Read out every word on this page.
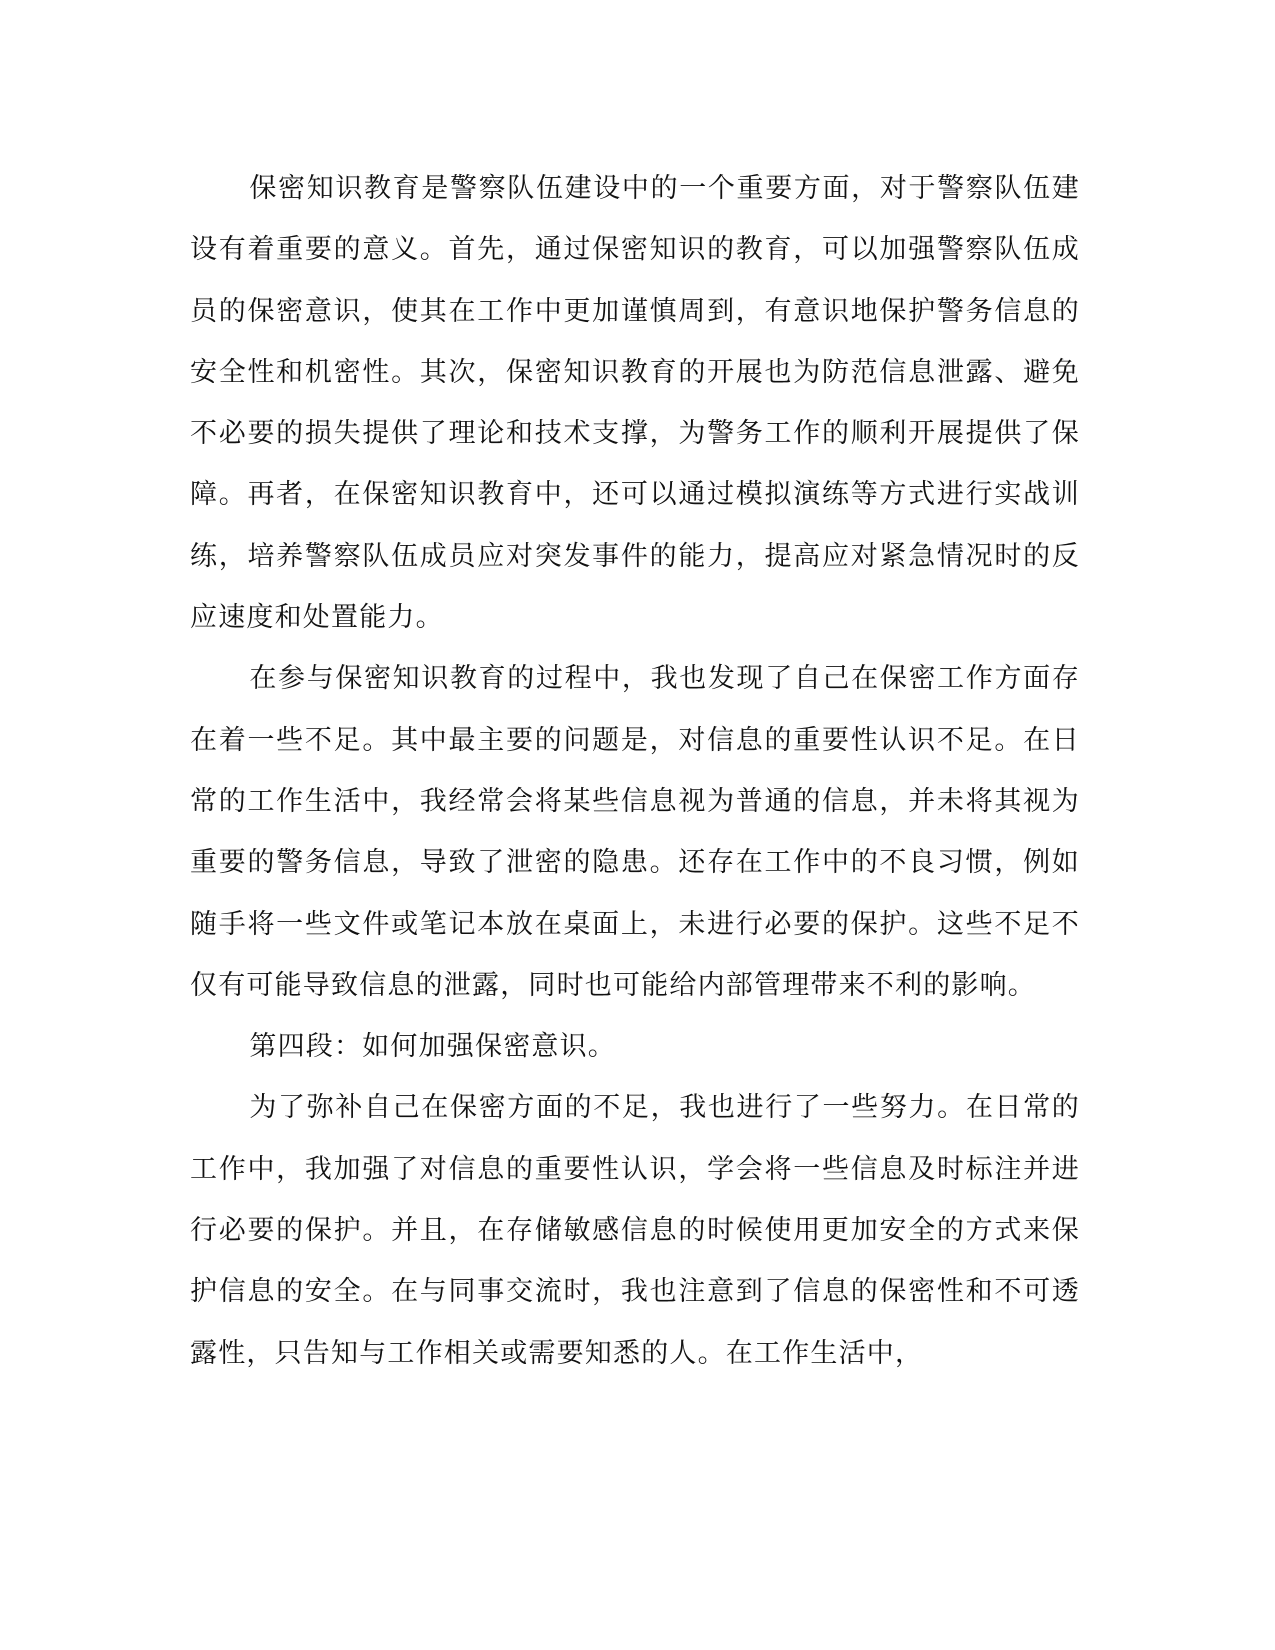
保密知识教育是警察队伍建设中的一个重要方面，对于警察队伍建设有着重要的意义。首先，通过保密知识的教育，可以加强警察队伍成员的保密意识，使其在工作中更加谨慎周到，有意识地保护警务信息的安全性和机密性。其次，保密知识教育的开展也为防范信息泄露、避免不必要的损失提供了理论和技术支撑，为警务工作的顺利开展提供了保障。再者，在保密知识教育中，还可以通过模拟演练等方式进行实战训练，培养警察队伍成员应对突发事件的能力，提高应对紧急情况时的反应速度和处置能力。

在参与保密知识教育的过程中，我也发现了自己在保密工作方面存在着一些不足。其中最主要的问题是，对信息的重要性认识不足。在日常的工作生活中，我经常会将某些信息视为普通的信息，并未将其视为重要的警务信息，导致了泄密的隐患。还存在工作中的不良习惯，例如随手将一些文件或笔记本放在桌面上，未进行必要的保护。这些不足不仅有可能导致信息的泄露，同时也可能给内部管理带来不利的影响。

第四段：如何加强保密意识。

为了弥补自己在保密方面的不足，我也进行了一些努力。在日常的工作中，我加强了对信息的重要性认识，学会将一些信息及时标注并进行必要的保护。并且，在存储敏感信息的时候使用更加安全的方式来保护信息的安全。在与同事交流时，我也注意到了信息的保密性和不可透露性，只告知与工作相关或需要知悉的人。在工作生活中，
